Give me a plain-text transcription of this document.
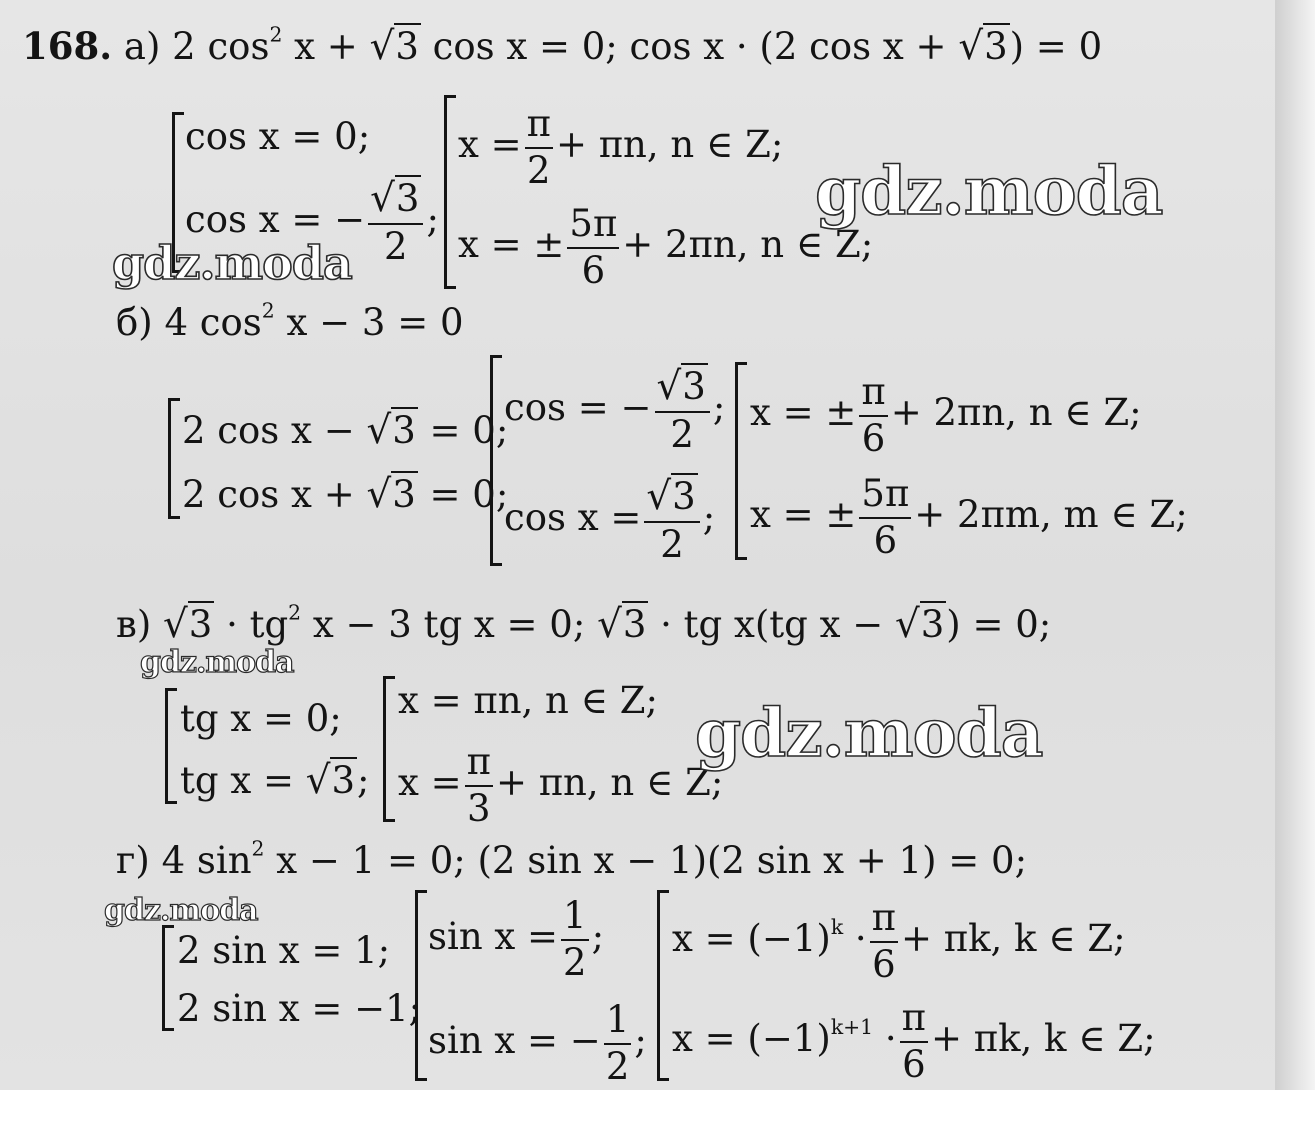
168. а) 2 $\cos^2 x + √3$ cos x = 0; cos x · (2 cos x + √3) = 0
cos x = 0;
cos x = − $\frac{√3}{2}$ ;
$x = \frac{\pi}{2} + \pi n$, n ∈ Z;
x = ± $\frac{5\pi}{6} + 2\pi n$, n ∈ Z;
б) 4 $\cos^2 x - 3 = 0$
2 cos x − √3 = 0;
2 cos x + √3 = 0;
cos = − $\frac{√3}{2}$ ;
$\cos x = \frac{√3}{2}$ ;
x = ± $\frac{\pi}{6} + 2\pi n$, n ∈ Z;
x = ± $\frac{5\pi}{6} + 2\pi m$, m ∈ Z;
в) $√3 \cdot tg^2$ x − 3 tg x = 0; √3 · tg x(tg x − √3) = 0;
tg x = 0;
tg x = √3;
x = πn, n ∈ Z;
$x = \frac{\pi}{3} + \pi n$, n ∈ Z;
г) 4 $\sin^2 x - 1 = 0$; (2 sin x − 1)(2 sin x + 1) = 0;
2 sin x = 1;
2 sin x = −1;
$\sin x = \frac{1}{2}$ ;
sin x = − $\frac{1}{2}$ ;
$x = (-1)^k \cdot \frac{\pi}{6} + \pi k$, k ∈ Z;
$x = (-1)^{k+1} \cdot \frac{\pi}{6} + \pi k$, k ∈ Z;
gdz.moda
gdz.moda
gdz.moda
gdz.moda
gdz.moda
